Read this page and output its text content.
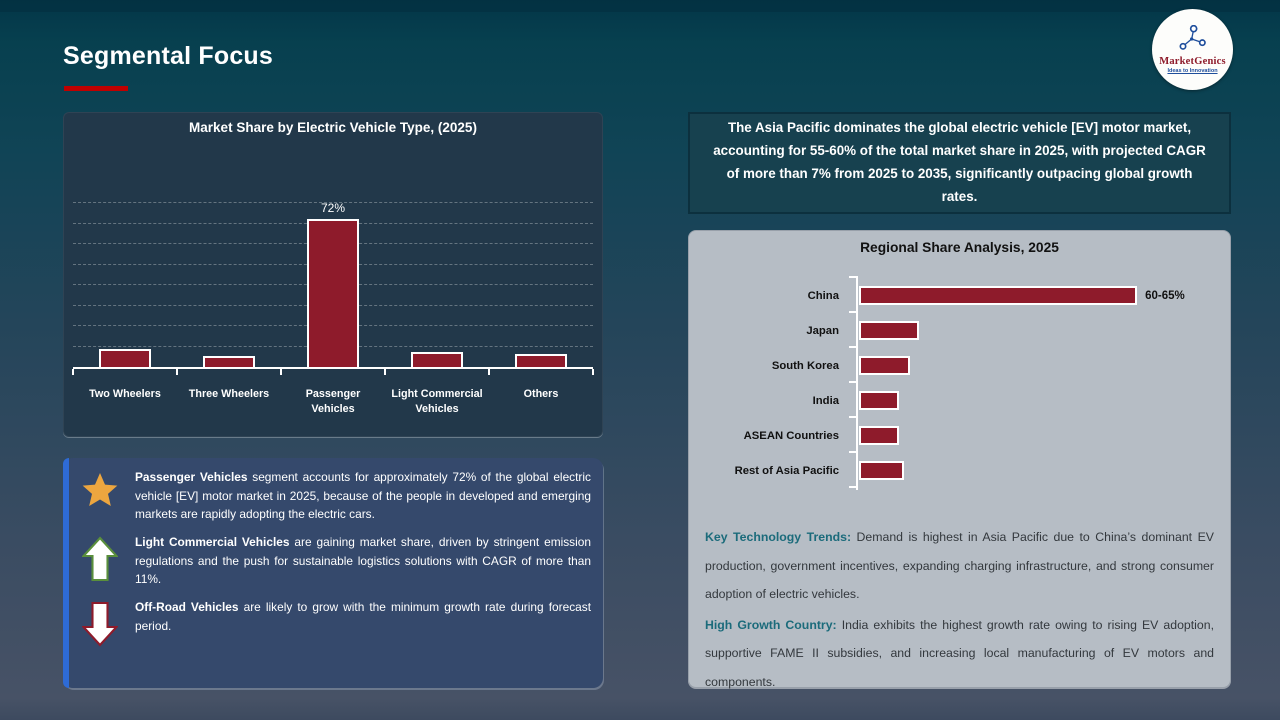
Segmental Focus	MarketGenics
Ideas to Innovation
Market Share by Electric Vehicle Type, (2025)
72%
Two Wheelers	Three Wheelers	Passenger Vehicles
Light Commercial Vehicles
Others

Passenger Vehicles segment accounts for approximately 72% of the global electric vehicle [EV] motor market in 2025, because of the people in developed and emerging markets are rapidly adopting the electric cars.

Light Commercial Vehicles are gaining market share, driven by stringent emission regulations and the push for sustainable logistics solutions with CAGR of more than 11%.

Off-Road Vehicles are likely to grow with the minimum growth rate during forecast period.

The Asia Pacific dominates the global electric vehicle [EV] motor market, accounting for 55-60% of the total market share in 2025, with projected CAGR of more than 7% from 2025 to 2035, significantly outpacing global growth rates.

Regional Share Analysis, 2025
China	60-65%
Japan
South Korea
India
ASEAN Countries
Rest of Asia Pacific

Key Technology Trends: Demand is highest in Asia Pacific due to China’s dominant EV production, government incentives, expanding charging infrastructure, and strong consumer adoption of electric vehicles.

High Growth Country: India exhibits the highest growth rate owing to rising EV adoption, supportive FAME II subsidies, and increasing local manufacturing of EV motors and components.
